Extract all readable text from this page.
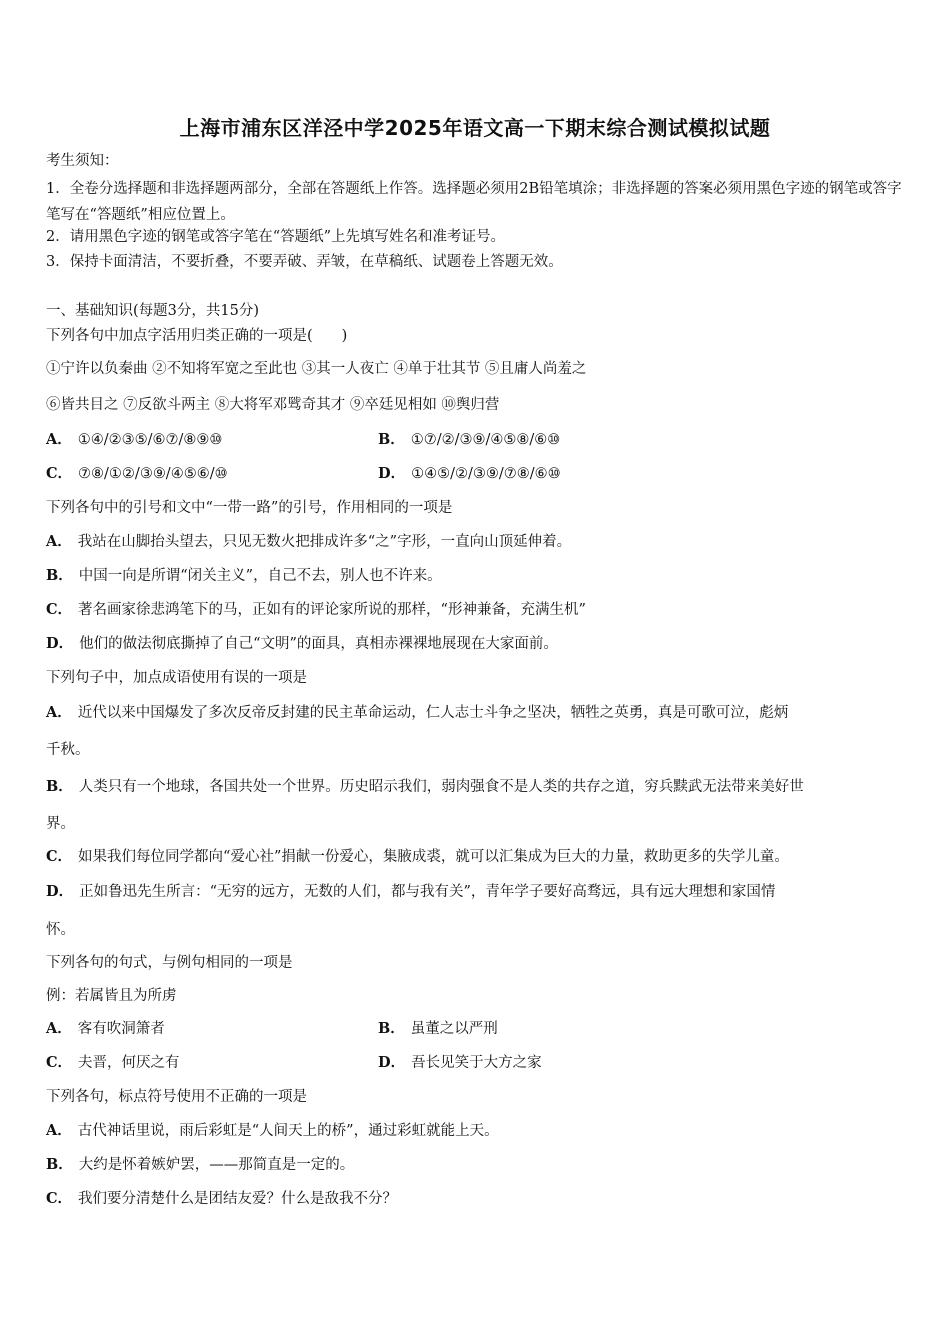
上海市浦东区洋泾中学2025年语文高一下期末综合测试模拟试题
考生须知：
1．全卷分选择题和非选择题两部分，全部在答题纸上作答。选择题必须用2B铅笔填涂；非选择题的答案必须用黑色字迹的钢笔或答字笔写在“答题纸”相应位置上。
2．请用黑色字迹的钢笔或答字笔在“答题纸”上先填写姓名和准考证号。
3．保持卡面清洁，不要折叠，不要弄破、弄皱，在草稿纸、试题卷上答题无效。
一、基础知识(每题3分，共15分)
下列各句中加点字活用归类正确的一项是(　　)
①宁许以负秦曲 ②不知将军宽之至此也 ③其一人夜亡 ④单于壮其节 ⑤且庸人尚羞之
⑥皆共目之 ⑦反欲斗两主 ⑧大将军邓骘奇其才 ⑨卒廷见相如 ⑩舆归营
A． ①④/②③⑤/⑥⑦/⑧⑨⑩	B． ①⑦/②/③⑨/④⑤⑧/⑥⑩
C． ⑦⑧/①②/③⑨/④⑤⑥/⑩	D． ①④⑤/②/③⑨/⑦⑧/⑥⑩
下列各句中的引号和文中“一带一路”的引号，作用相同的一项是
A． 我站在山脚抬头望去，只见无数火把排成许多“之”字形，一直向山顶延伸着。
B． 中国一向是所谓“闭关主义”，自己不去，别人也不许来。
C． 著名画家徐悲鸿笔下的马，正如有的评论家所说的那样，“形神兼备，充满生机”
D． 他们的做法彻底撕掉了自己“文明”的面具，真相赤裸裸地展现在大家面前。
下列句子中，加点成语使用有误的一项是
A． 近代以来中国爆发了多次反帝反封建的民主革命运动，仁人志士斗争之坚决，牺牲之英勇，真是可歌可泣，彪炳
千秋。
B． 人类只有一个地球，各国共处一个世界。历史昭示我们，弱肉强食不是人类的共存之道，穷兵黩武无法带来美好世
界。
C． 如果我们每位同学都向“爱心社”捐献一份爱心，集腋成裘，就可以汇集成为巨大的力量，救助更多的失学儿童。
D． 正如鲁迅先生所言：“无穷的远方，无数的人们，都与我有关”，青年学子要好高骛远，具有远大理想和家国情
怀。
下列各句的句式，与例句相同的一项是
例：若属皆且为所虏
A． 客有吹洞箫者	B． 虽董之以严刑
C． 夫晋，何厌之有	D． 吾长见笑于大方之家
下列各句，标点符号使用不正确的一项是
A． 古代神话里说，雨后彩虹是“人间天上的桥”，通过彩虹就能上天。
B． 大约是怀着嫉妒罢，——那简直是一定的。
C． 我们要分清楚什么是团结友爱？什么是敌我不分？
